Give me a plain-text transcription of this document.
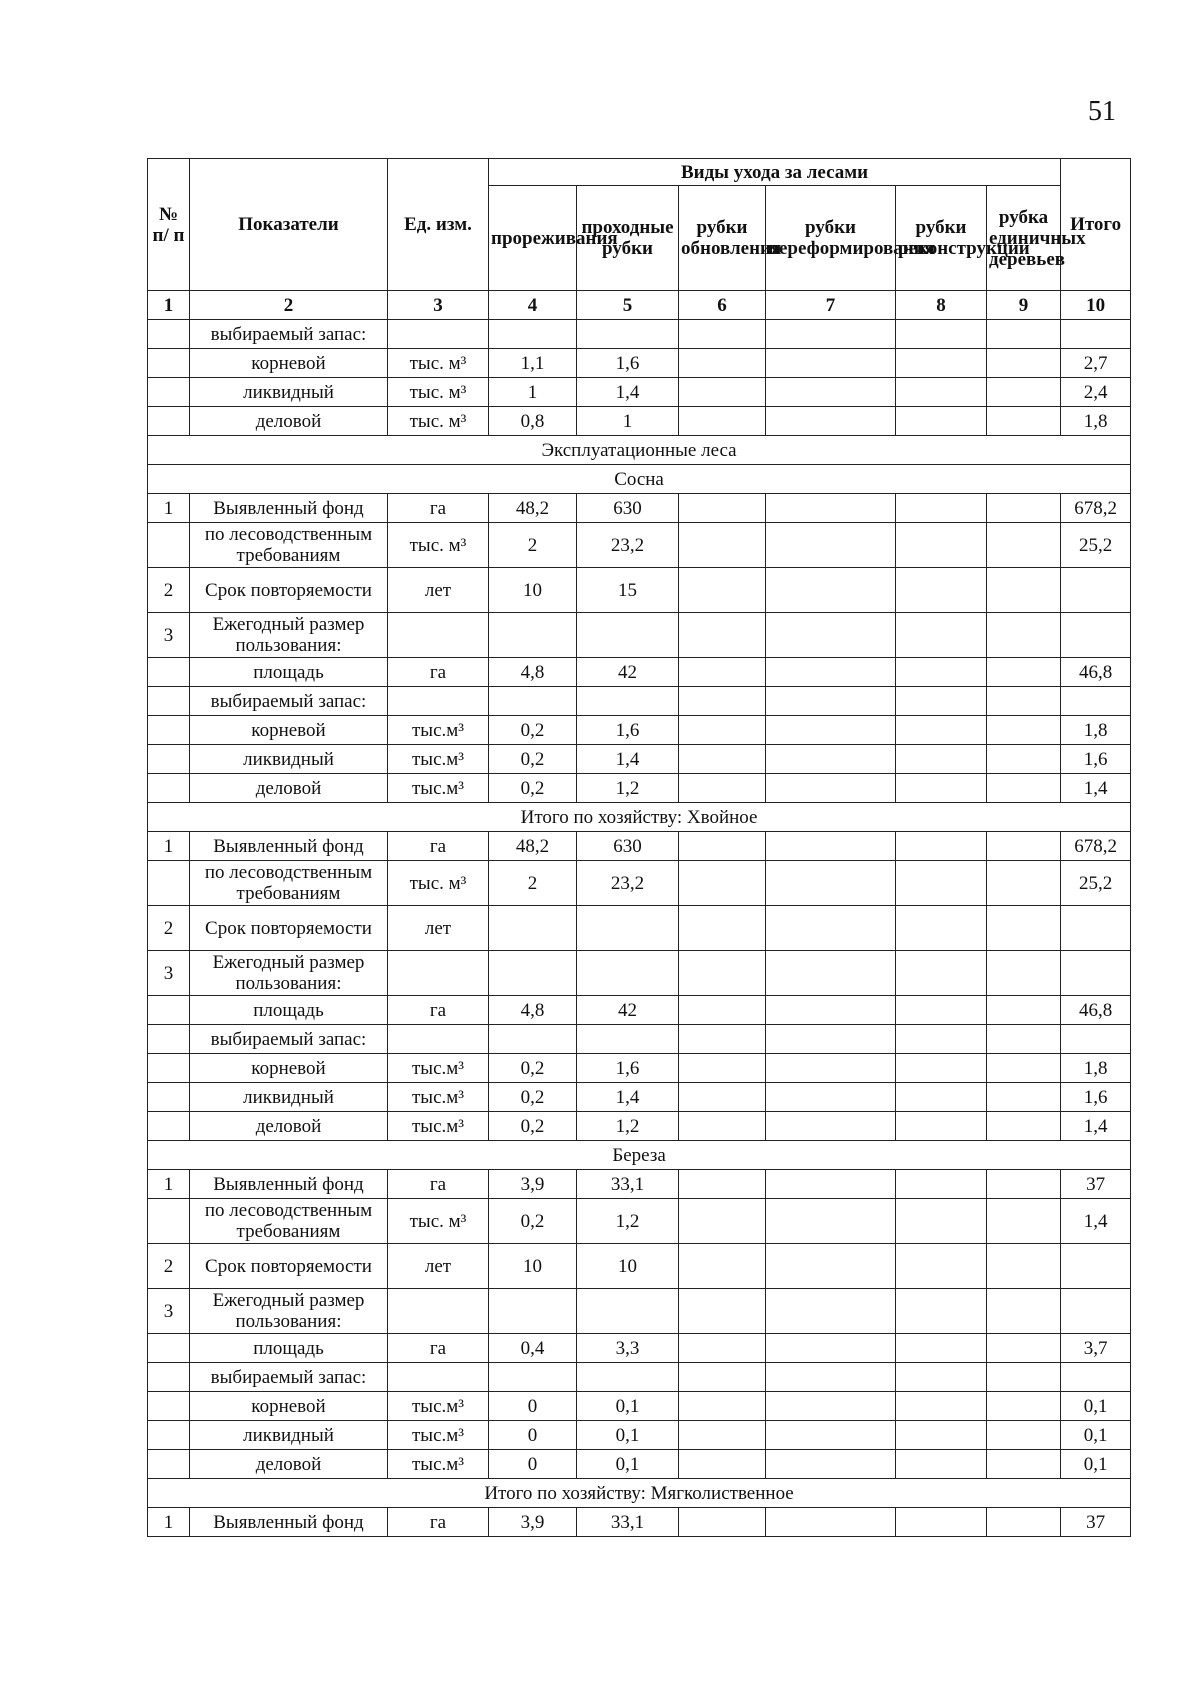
51
№ п/ п	Показатели	Ед. изм.	Виды ухода за лесами						Итого
			прореживания	проходные рубки	рубки обновления	рубки переформирования	рубки реконструкции	рубка единичных деревьев	
1	2	3	4	5	6	7	8	9	10
	выбираемый запас:								
	корневой	тыс. м³	1,1	1,6					2,7
	ликвидный	тыс. м³	1	1,4					2,4
	деловой	тыс. м³	0,8	1					1,8
Эксплуатационные леса									
Сосна									
1	Выявленный фонд	га	48,2	630					678,2
	по лесоводственным требованиям	тыс. м³	2	23,2					25,2
2	Срок повторяемости	лет	10	15					
3	Ежегодный размер пользования:								
	площадь	га	4,8	42					46,8
	выбираемый запас:								
	корневой	тыс.м³	0,2	1,6					1,8
	ликвидный	тыс.м³	0,2	1,4					1,6
	деловой	тыс.м³	0,2	1,2					1,4
Итого по хозяйству: Хвойное									
1	Выявленный фонд	га	48,2	630					678,2
	по лесоводственным требованиям	тыс. м³	2	23,2					25,2
2	Срок повторяемости	лет							
3	Ежегодный размер пользования:								
	площадь	га	4,8	42					46,8
	выбираемый запас:								
	корневой	тыс.м³	0,2	1,6					1,8
	ликвидный	тыс.м³	0,2	1,4					1,6
	деловой	тыс.м³	0,2	1,2					1,4
Береза									
1	Выявленный фонд	га	3,9	33,1					37
	по лесоводственным требованиям	тыс. м³	0,2	1,2					1,4
2	Срок повторяемости	лет	10	10					
3	Ежегодный размер пользования:								
	площадь	га	0,4	3,3					3,7
	выбираемый запас:								
	корневой	тыс.м³	0	0,1					0,1
	ликвидный	тыс.м³	0	0,1					0,1
	деловой	тыс.м³	0	0,1					0,1
Итого по хозяйству: Мягколиственное									
1	Выявленный фонд	га	3,9	33,1					37
